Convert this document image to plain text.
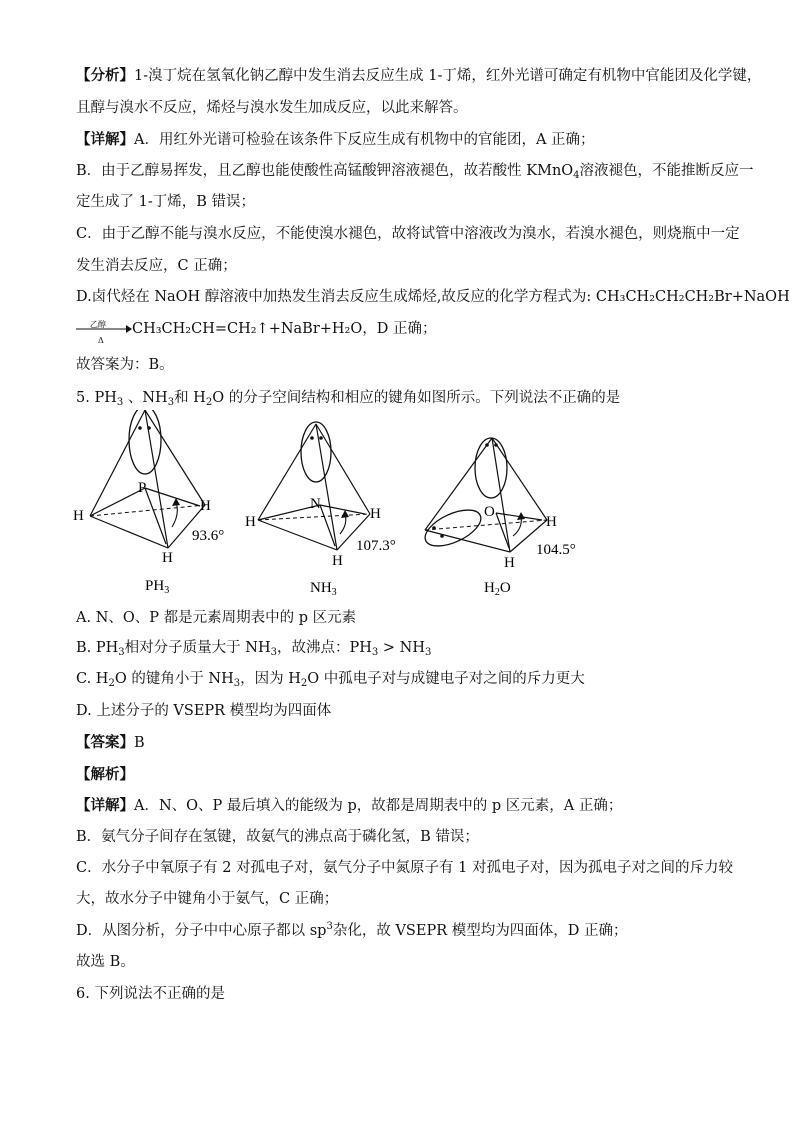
【分析】1-溴丁烷在氢氧化钠乙醇中发生消去反应生成 1-丁烯，红外光谱可确定有机物中官能团及化学键，
且醇与溴水不反应，烯烃与溴水发生加成反应，以此来解答。
【详解】A．用红外光谱可检验在该条件下反应生成有机物中的官能团，A 正确；
B．由于乙醇易挥发，且乙醇也能使酸性高锰酸钾溶液褪色，故若酸性 KMnO$_4$溶液褪色，不能推断反应一
定生成了 1-丁烯，B 错误；
C．由于乙醇不能与溴水反应，不能使溴水褪色，故将试管中溶液改为溴水，若溴水褪色，则烧瓶中一定
发生消去反应，C 正确；
D.卤代烃在 NaOH 醇溶液中加热发生消去反应生成烯烃,故反应的化学方程式为: CH₃CH₂CH₂CH₂Br+NaOH
乙醇
Δ
CH₃CH₂CH=CH₂↑+NaBr+H₂O，D 正确；
故答案为：B。
5. $PH_3$ 、$NH_3$和 $H_2O$ 的分子空间结构和相应的键角如图所示。下列说法不正确的是
P
H
H
H
93.6°
$PH_3$
N
H	H
H
107.3°
$NH_3$
O
H
H
104.5°
$H_2O$
A. N、O、P 都是元素周期表中的 p 区元素
B. $PH_3$相对分子质量大于 $NH_3$，故沸点：$PH_3 > NH_3$
C. $H_2O$ 的键角小于 $NH_3$，因为 $H_2O$ 中孤电子对与成键电子对之间的斥力更大
D. 上述分子的 VSEPR 模型均为四面体
【答案】B
【解析】
【详解】A．N、O、P 最后填入的能级为 p，故都是周期表中的 p 区元素，A 正确；
B．氨气分子间存在氢键，故氨气的沸点高于磷化氢，B 错误；
C．水分子中氧原子有 2 对孤电子对，氨气分子中氮原子有 1 对孤电子对，因为孤电子对之间的斥力较
大，故水分子中键角小于氨气，C 正确；
D．从图分析，分子中中心原子都以 $sp^3$杂化，故 VSEPR 模型均为四面体，D 正确；
故选 B。
6. 下列说法不正确的是
